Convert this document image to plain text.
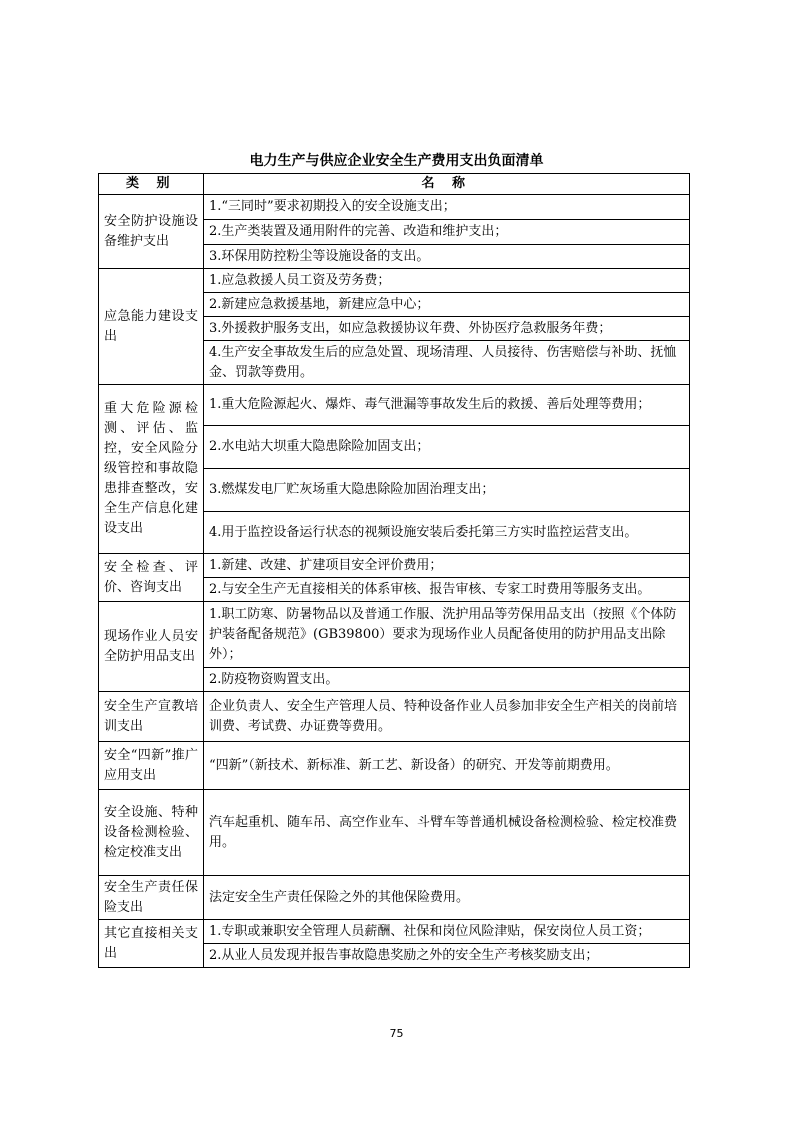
电力生产与供应企业安全生产费用支出负面清单
类 别	名 称
安全防护设施设备维护支出	1.“三同时”要求初期投入的安全设施支出；
	2.生产类装置及通用附件的完善、改造和维护支出；
	3.环保用防控粉尘等设施设备的支出。
应急能力建设支出	1.应急救援人员工资及劳务费；
	2.新建应急救援基地，新建应急中心；
	3.外援救护服务支出，如应急救援协议年费、外协医疗急救服务年费；
	4.生产安全事故发生后的应急处置、现场清理、人员接待、伤害赔偿与补助、抚恤金、罚款等费用。
重大危险源检测、评估、监控，安全风险分级管控和事故隐患排查整改，安全生产信息化建设支出	1.重大危险源起火、爆炸、毒气泄漏等事故发生后的救援、善后处理等费用；
	2.水电站大坝重大隐患除险加固支出；
	3.燃煤发电厂贮灰场重大隐患除险加固治理支出；
	4.用于监控设备运行状态的视频设施安装后委托第三方实时监控运营支出。
安全检查、评价、咨询支出	1.新建、改建、扩建项目安全评价费用；
	2.与安全生产无直接相关的体系审核、报告审核、专家工时费用等服务支出。
现场作业人员安全防护用品支出	1.职工防寒、防暑物品以及普通工作服、洗护用品等劳保用品支出（按照《个体防护装备配备规范》(GB39800）要求为现场作业人员配备使用的防护用品支出除外）；
	2.防疫物资购置支出。
安全生产宣教培训支出	企业负责人、安全生产管理人员、特种设备作业人员参加非安全生产相关的岗前培训费、考试费、办证费等费用。
安全“四新”推广应用支出	“四新”（新技术、新标准、新工艺、新设备）的研究、开发等前期费用。
安全设施、特种设备检测检验、检定校准支出	汽车起重机、随车吊、高空作业车、斗臂车等普通机械设备检测检验、检定校准费用。
安全生产责任保险支出	法定安全生产责任保险之外的其他保险费用。
其它直接相关支出	1.专职或兼职安全管理人员薪酬、社保和岗位风险津贴，保安岗位人员工资；
	2.从业人员发现并报告事故隐患奖励之外的安全生产考核奖励支出；
75
